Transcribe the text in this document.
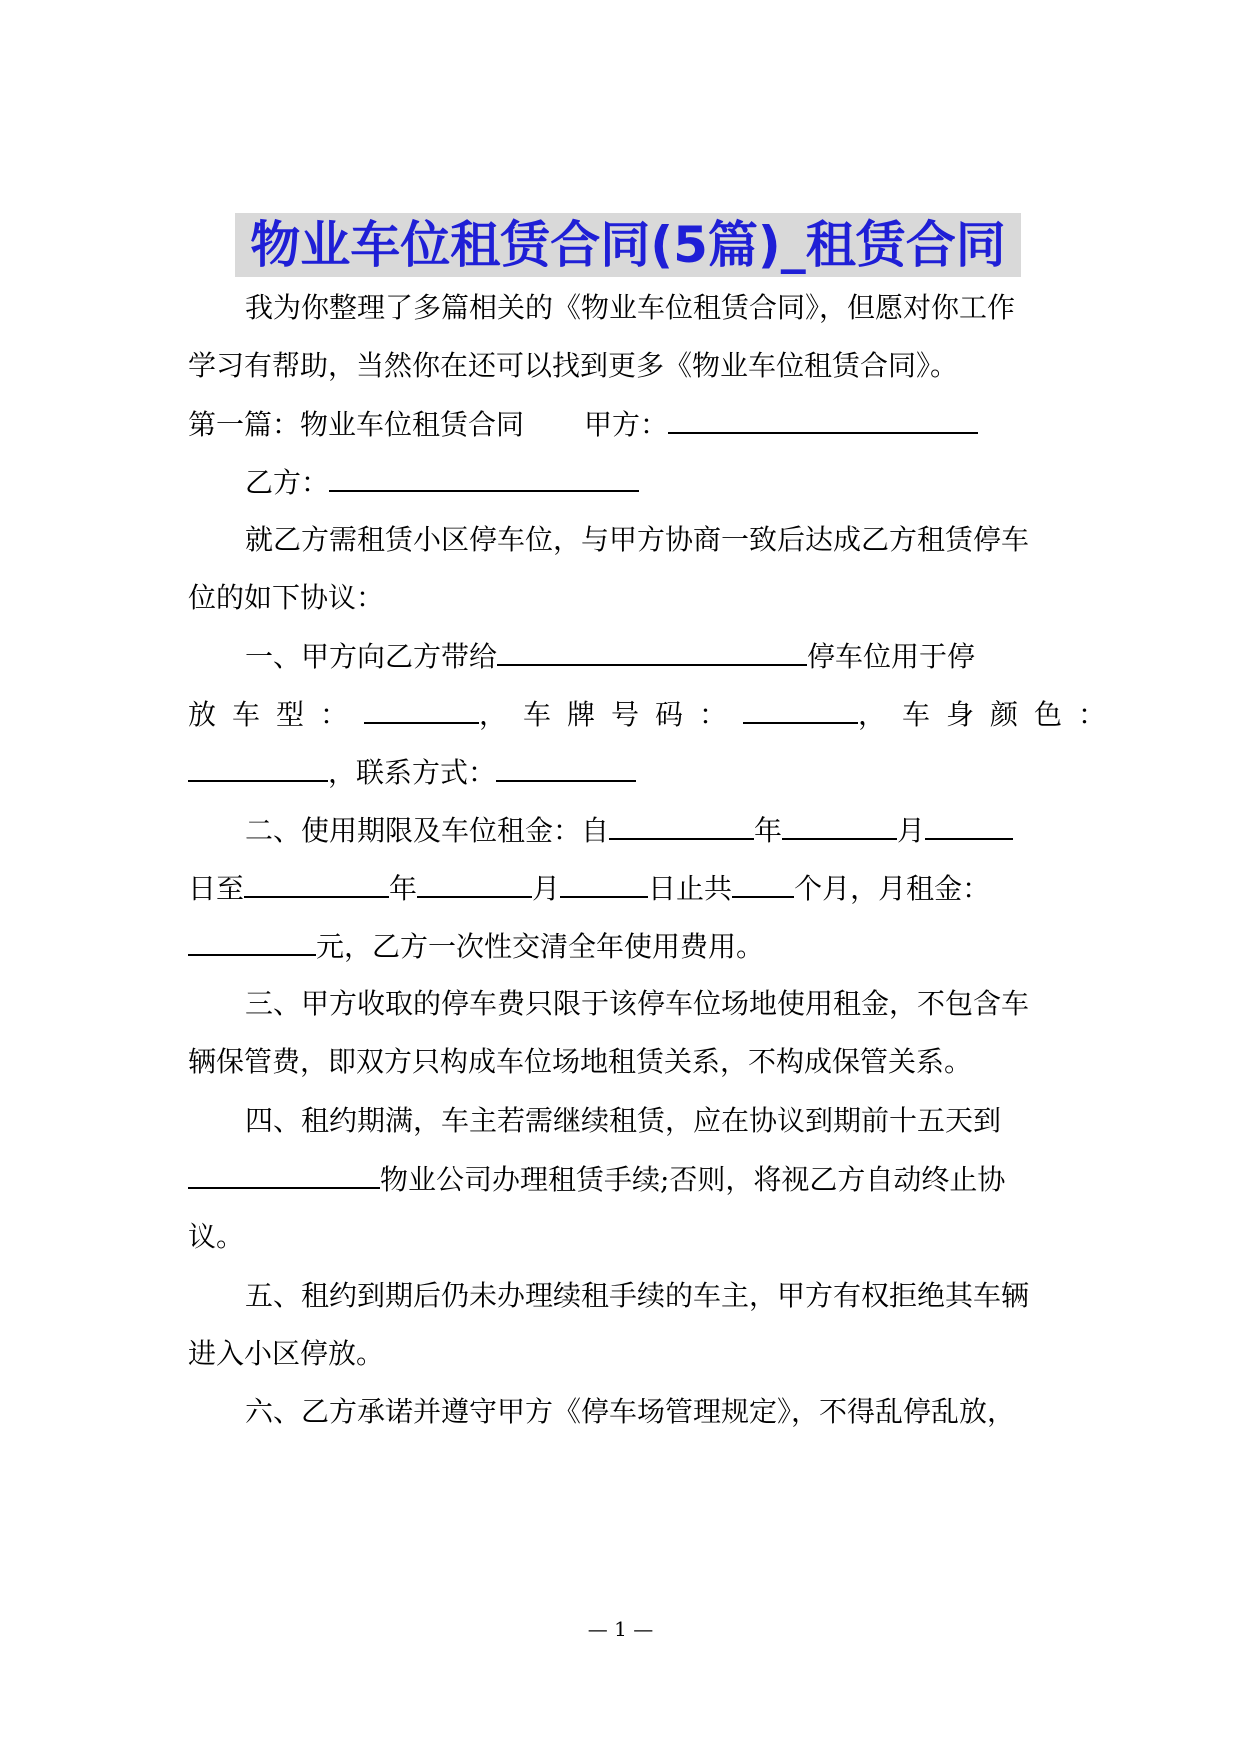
物业车位租赁合同(5篇)_租赁合同
我为你整理了多篇相关的《物业车位租赁合同》，但愿对你工作
学习有帮助，当然你在还可以找到更多《物业车位租赁合同》。
第一篇：物业车位租赁合同 甲方：
乙方：
就乙方需租赁小区停车位，与甲方协商一致后达成乙方租赁停车
位的如下协议：
一、甲方向乙方带给	停车位用于停
放车型：	，车牌号码：	，车身颜色：
，联系方式：
二、使用期限及车位租金：自	年	月
日至	年	月	日止共 个月，月租金：
元，乙方一次性交清全年使用费用。
三、甲方收取的停车费只限于该停车位场地使用租金，不包含车
辆保管费，即双方只构成车位场地租赁关系，不构成保管关系。
四、租约期满，车主若需继续租赁，应在协议到期前十五天到
物业公司办理租赁手续;否则，将视乙方自动终止协
议。
五、租约到期后仍未办理续租手续的车主，甲方有权拒绝其车辆
进入小区停放。
六、乙方承诺并遵守甲方《停车场管理规定》，不得乱停乱放，
— 1 —
